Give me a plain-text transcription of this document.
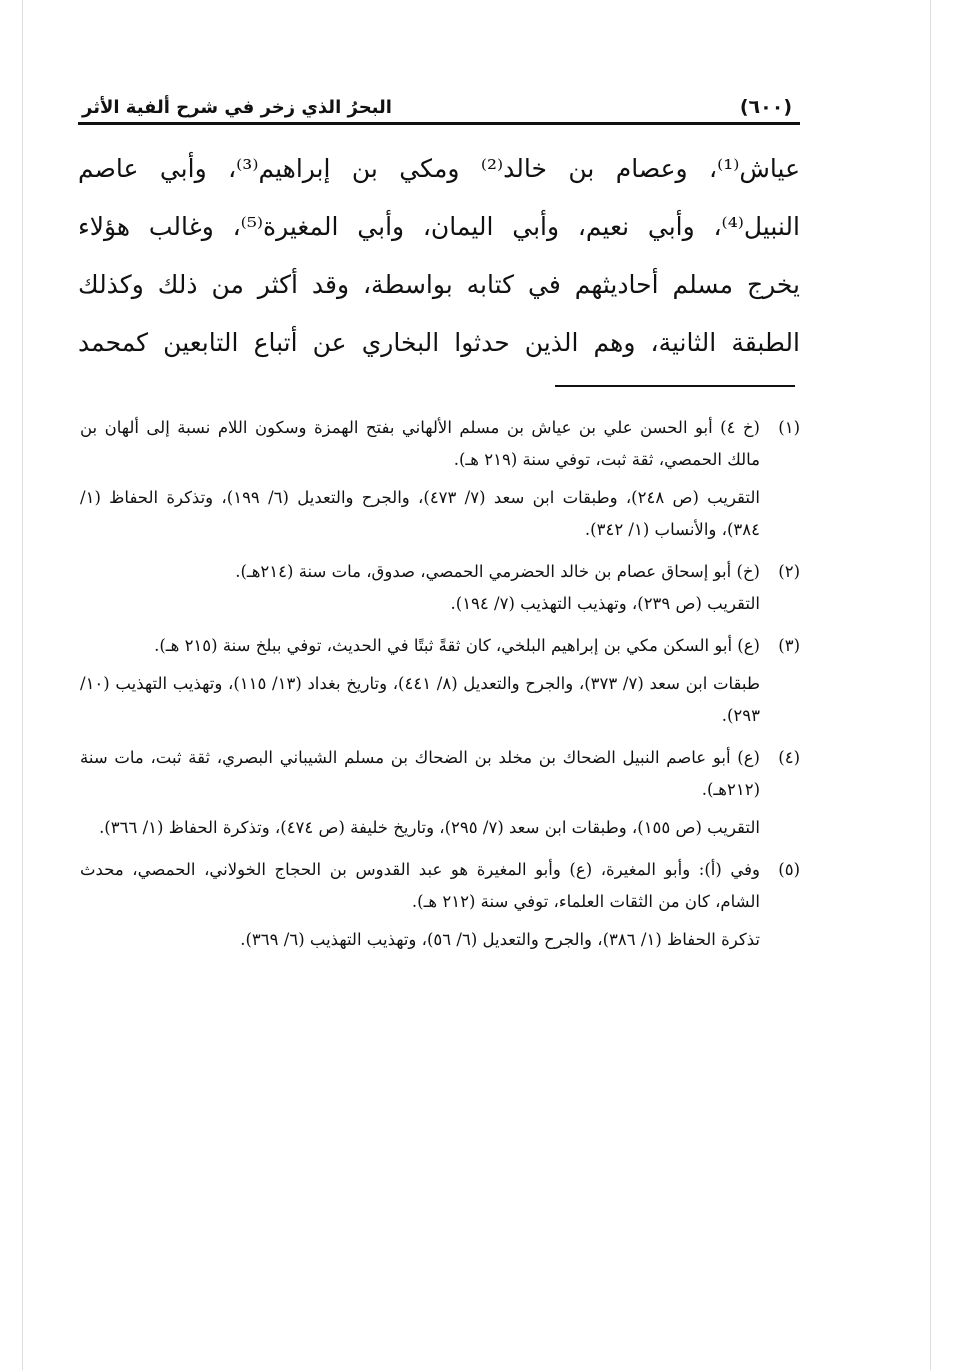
(٦٠٠)
البحرُ الذي زخر في شرح ألفية الأثر

عياش⁽¹⁾، وعصام بن خالد⁽²⁾ ومكي بن إبراهيم⁽³⁾، وأبي عاصم

النبيل⁽⁴⁾، وأبي نعيم، وأبي اليمان، وأبي المغيرة⁽⁵⁾، وغالب هؤلاء

يخرج مسلم أحاديثهم في كتابه بواسطة، وقد أكثر من ذلك وكذلك

الطبقة الثانية، وهم الذين حدثوا البخاري عن أتباع التابعين كمحمد

(١)

(خ ٤) أبو الحسن علي بن عياش بن مسلم الألهاني بفتح الهمزة وسكون اللام نسبة إلى ألهان بن مالك الحمصي، ثقة ثبت، توفي سنة (٢١٩ هـ).

التقريب (ص ٢٤٨)، وطبقات ابن سعد (٧/ ٤٧٣)، والجرح والتعديل (٦/ ١٩٩)، وتذكرة الحفاظ (١/ ٣٨٤)، والأنساب (١/ ٣٤٢).

(٢)

(خ) أبو إسحاق عصام بن خالد الحضرمي الحمصي، صدوق، مات سنة (٢١٤هـ).

التقريب (ص ٢٣٩)، وتهذيب التهذيب (٧/ ١٩٤).

(٣)

(ع) أبو السكن مكي بن إبراهيم البلخي، كان ثقةً ثبتًا في الحديث، توفي ببلخ سنة (٢١٥ هـ).

طبقات ابن سعد (٧/ ٣٧٣)، والجرح والتعديل (٨/ ٤٤١)، وتاريخ بغداد (١٣/ ١١٥)، وتهذيب التهذيب (١٠/ ٢٩٣).

(٤)

(ع) أبو عاصم النبيل الضحاك بن مخلد بن الضحاك بن مسلم الشيباني البصري، ثقة ثبت، مات سنة (٢١٢هـ).

التقريب (ص ١٥٥)، وطبقات ابن سعد (٧/ ٢٩٥)، وتاريخ خليفة (ص ٤٧٤)، وتذكرة الحفاظ (١/ ٣٦٦).

(٥)

وفي (أ): وأبو المغيرة، (ع) وأبو المغيرة هو عبد القدوس بن الحجاج الخولاني، الحمصي، محدث الشام، كان من الثقات العلماء، توفي سنة (٢١٢ هـ).

تذكرة الحفاظ (١/ ٣٨٦)، والجرح والتعديل (٦/ ٥٦)، وتهذيب التهذيب (٦/ ٣٦٩).
